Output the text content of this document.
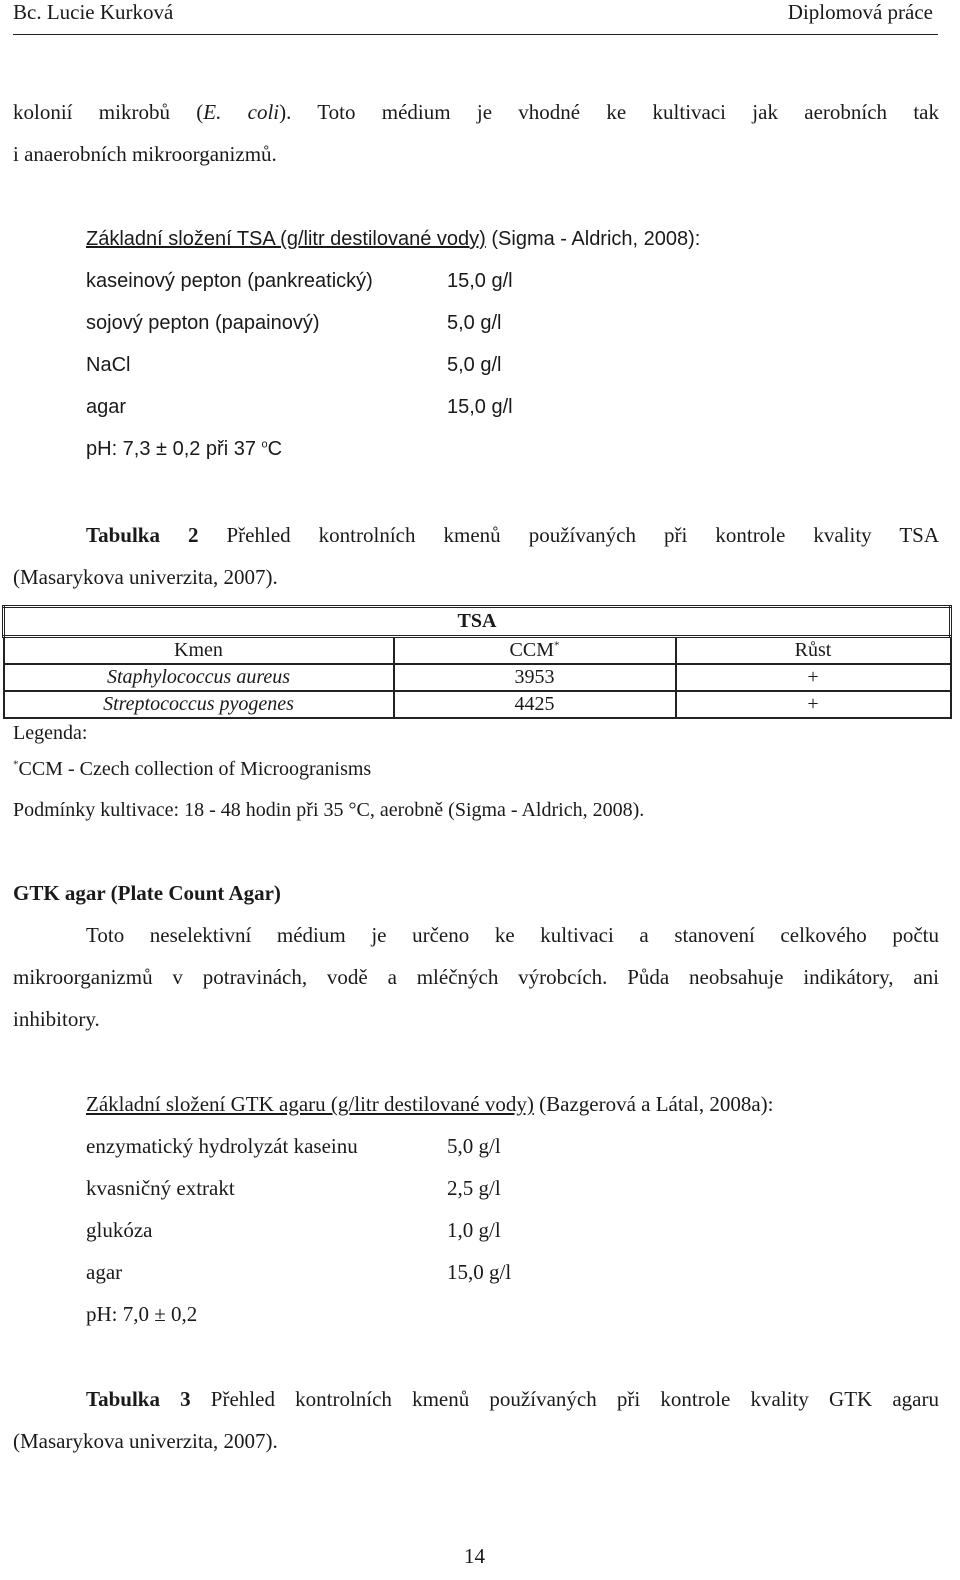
Bc. Lucie Kurková	Diplomová práce
kolonií mikrobů (E. coli). Toto médium je vhodné ke kultivaci jak aerobních tak
i anaerobních mikroorganizmů.
Základní složení TSA (g/litr destilované vody) (Sigma - Aldrich, 2008):
kaseinový pepton (pankreatický)	15,0 g/l
sojový pepton (papainový)	5,0 g/l
NaCl	5,0 g/l
agar	15,0 g/l
pH: 7,3 ± 0,2 při 37 $^o$C
Tabulka 2 Přehled kontrolních kmenů používaných při kontrole kvality TSA
(Masarykova univerzita, 2007).
TSA		
Kmen	CCM*	Růst
Staphylococcus aureus	3953	+
Streptococcus pyogenes	4425	+
Legenda:
*CCM - Czech collection of Microogranisms
Podmínky kultivace: 18 - 48 hodin při 35 °C, aerobně (Sigma - Aldrich, 2008).
GTK agar (Plate Count Agar)
Toto neselektivní médium je určeno ke kultivaci a stanovení celkového počtu
mikroorganizmů v potravinách, vodě a mléčných výrobcích. Půda neobsahuje indikátory, ani
inhibitory.
Základní složení GTK agaru (g/litr destilované vody) (Bazgerová a Látal, 2008a):
enzymatický hydrolyzát kaseinu	5,0 g/l
kvasničný extrakt	2,5 g/l
glukóza	1,0 g/l
agar	15,0 g/l
pH: 7,0 ± 0,2
Tabulka 3 Přehled kontrolních kmenů používaných při kontrole kvality GTK agaru
(Masarykova univerzita, 2007).
14
